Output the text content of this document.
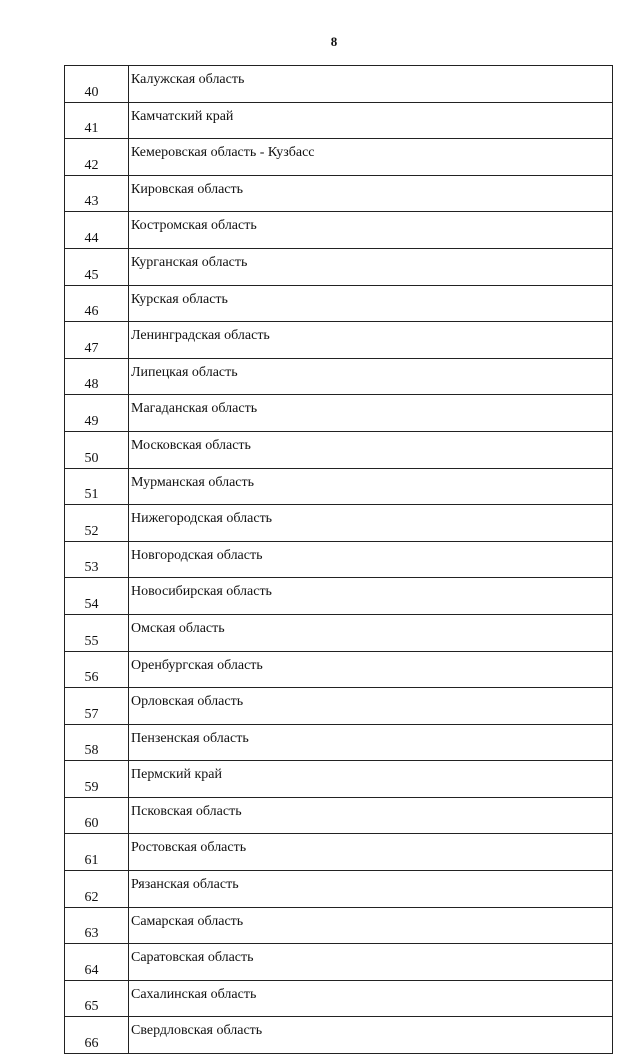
8
40	Калужская область
41	Камчатский край
42	Кемеровская область - Кузбасс
43	Кировская область
44	Костромская область
45	Курганская область
46	Курская область
47	Ленинградская область
48	Липецкая область
49	Магаданская область
50	Московская область
51	Мурманская область
52	Нижегородская область
53	Новгородская область
54	Новосибирская область
55	Омская область
56	Оренбургская область
57	Орловская область
58	Пензенская область
59	Пермский край
60	Псковская область
61	Ростовская область
62	Рязанская область
63	Самарская область
64	Саратовская область
65	Сахалинская область
66	Свердловская область
